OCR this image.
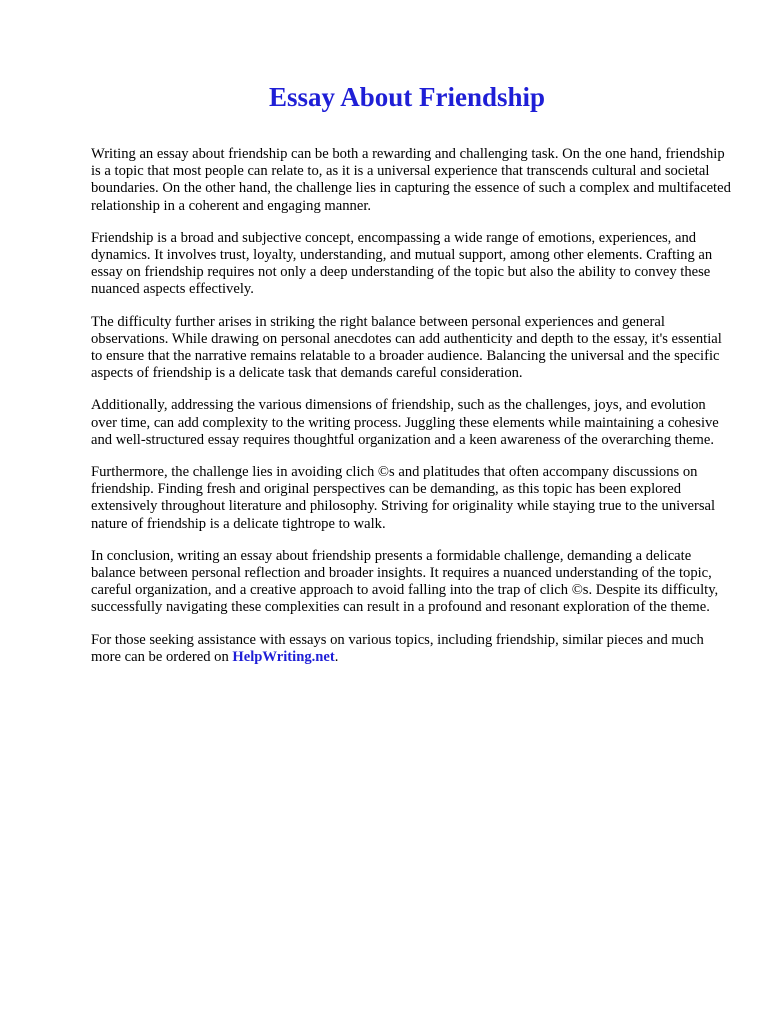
Essay About Friendship

Writing an essay about friendship can be both a rewarding and challenging task. On the one hand, friendship is a topic that most people can relate to, as it is a universal experience that transcends cultural and societal boundaries. On the other hand, the challenge lies in capturing the essence of such a complex and multifaceted relationship in a coherent and engaging manner.

Friendship is a broad and subjective concept, encompassing a wide range of emotions, experiences, and dynamics. It involves trust, loyalty, understanding, and mutual support, among other elements. Crafting an essay on friendship requires not only a deep understanding of the topic but also the ability to convey these nuanced aspects effectively.

The difficulty further arises in striking the right balance between personal experiences and general observations. While drawing on personal anecdotes can add authenticity and depth to the essay, it's essential to ensure that the narrative remains relatable to a broader audience. Balancing the universal and the specific aspects of friendship is a delicate task that demands careful consideration.

Additionally, addressing the various dimensions of friendship, such as the challenges, joys, and evolution over time, can add complexity to the writing process. Juggling these elements while maintaining a cohesive and well-structured essay requires thoughtful organization and a keen awareness of the overarching theme.

Furthermore, the challenge lies in avoiding clich ©s and platitudes that often accompany discussions on friendship. Finding fresh and original perspectives can be demanding, as this topic has been explored extensively throughout literature and philosophy. Striving for originality while staying true to the universal nature of friendship is a delicate tightrope to walk.

In conclusion, writing an essay about friendship presents a formidable challenge, demanding a delicate balance between personal reflection and broader insights. It requires a nuanced understanding of the topic, careful organization, and a creative approach to avoid falling into the trap of clich ©s. Despite its difficulty, successfully navigating these complexities can result in a profound and resonant exploration of the theme.

For those seeking assistance with essays on various topics, including friendship, similar pieces and much more can be ordered on HelpWriting.net.
